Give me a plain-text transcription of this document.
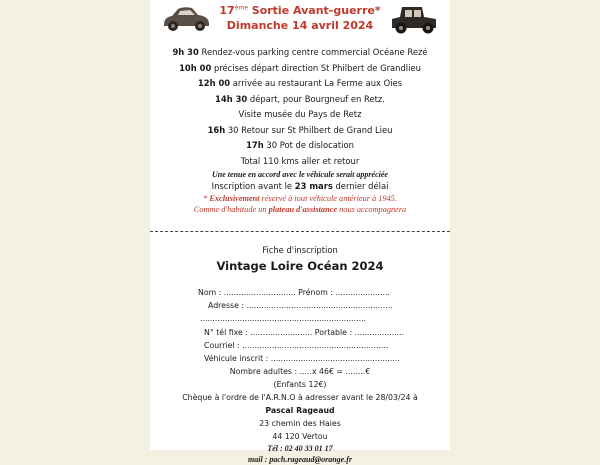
17ème Sortie Avant-guerre*
Dimanche 14 avril 2024
9h 30 Rendez-vous parking centre commercial Océane Rezé
10h 00 précises départ direction St Philbert de Grandlieu
12h 00 arrivée au restaurant La Ferme aux Oies
14h 30 départ, pour Bourgneuf en Retz.
Visite musée du Pays de Retz
16h 30 Retour sur St Philbert de Grand Lieu
17h 30 Pot de dislocation
Total 110 kms aller et retour
Une tenue en accord avec le véhicule serait appréciée
Inscription avant le 23 mars dernier délai
* Exclusivement réservé à tout véhicule antérieur à 1945.
Comme d'habitude un plateau d'assistance nous accompagnera
Fiche d'inscription
Vintage Loire Océan 2024
Nom : ............................. Prénom : ......................
Adresse : ...........................................................
...................................................................
N° tél fixe : ......................... Portable : ....................
Courriel : ...........................................................
Véhicule inscrit : ....................................................
Nombre adultes : .....x 46€ = ........€
(Enfants 12€)
Chèque à l'ordre de l'A.R.N.O à adresser avant le 28/03/24 à
Pascal Rageaud
23 chemin des Haies
44 120 Vertou
Tél : 02 40 33 01 17
mail : pach.rageaud@orange.fr
